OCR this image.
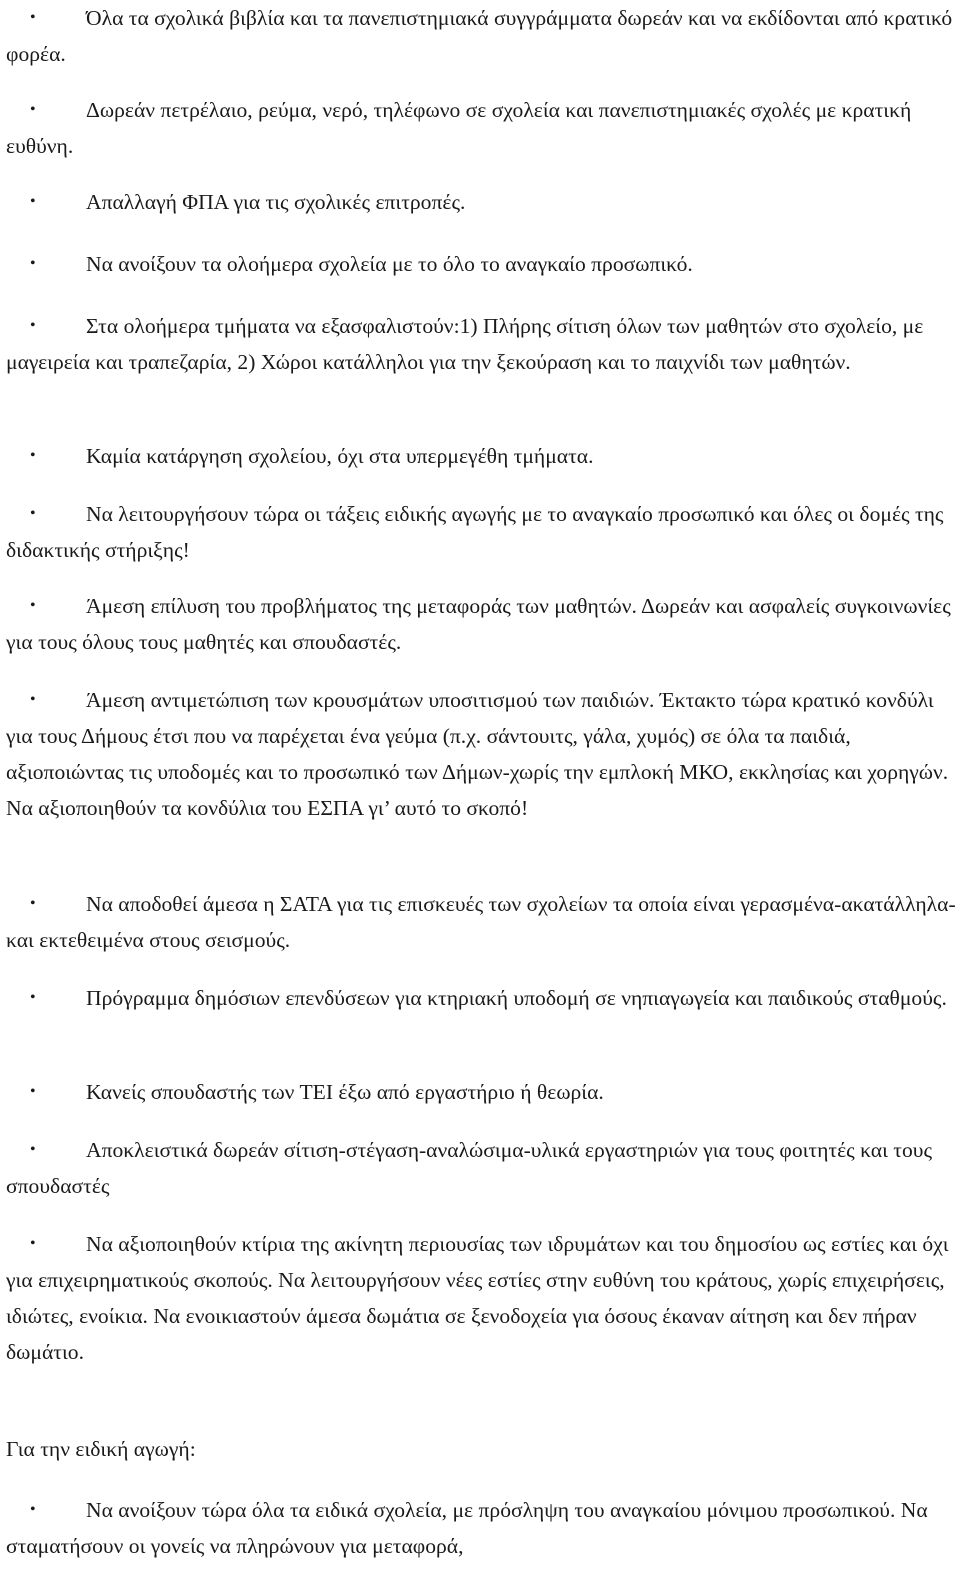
• Όλα τα σχολικά βιβλία και τα πανεπιστημιακά συγγράμματα δωρεάν και να εκδίδονται από κρατικό φορέα.

• Δωρεάν πετρέλαιο, ρεύμα, νερό, τηλέφωνο σε σχολεία και πανεπιστημιακές σχολές με κρατική ευθύνη.

• Απαλλαγή ΦΠΑ για τις σχολικές επιτροπές.

• Να ανοίξουν τα ολοήμερα σχολεία με το όλο το αναγκαίο προσωπικό.

• Στα ολοήμερα τμήματα να εξασφαλιστούν:1) Πλήρης σίτιση όλων των μαθητών στο σχολείο, με μαγειρεία και τραπεζαρία, 2) Χώροι κατάλληλοι για την ξεκούραση και το παιχνίδι των μαθητών.

• Καμία κατάργηση σχολείου, όχι στα υπερμεγέθη τμήματα.

• Να λειτουργήσουν τώρα οι τάξεις ειδικής αγωγής με το αναγκαίο προσωπικό και όλες οι δομές της διδακτικής στήριξης!

• Άμεση επίλυση του προβλήματος της μεταφοράς των μαθητών. Δωρεάν και ασφαλείς συγκοινωνίες για τους όλους τους μαθητές και σπουδαστές.

• Άμεση αντιμετώπιση των κρουσμάτων υποσιτισμού των παιδιών. Έκτακτο τώρα κρατικό κονδύλι για τους Δήμους έτσι που να παρέχεται ένα γεύμα (π.χ. σάντουιτς, γάλα, χυμός) σε όλα τα παιδιά, αξιοποιώντας τις υποδομές και το προσωπικό των Δήμων-χωρίς την εμπλοκή ΜΚΟ, εκκλησίας και χορηγών. Να αξιοποιηθούν τα κονδύλια του ΕΣΠΑ γι’ αυτό το σκοπό!

• Να αποδοθεί άμεσα η ΣΑΤΑ για τις επισκευές των σχολείων τα οποία είναι γερασμένα-ακατάλληλα-και εκτεθειμένα στους σεισμούς.

• Πρόγραμμα δημόσιων επενδύσεων για κτηριακή υποδομή σε νηπιαγωγεία και παιδικούς σταθμούς.

• Κανείς σπουδαστής των ΤΕΙ έξω από εργαστήριο ή θεωρία.

• Αποκλειστικά δωρεάν σίτιση-στέγαση-αναλώσιμα-υλικά εργαστηριών για τους φοιτητές και τους σπουδαστές

• Να αξιοποιηθούν κτίρια της ακίνητη περιουσίας των ιδρυμάτων και του δημοσίου ως εστίες και όχι για επιχειρηματικούς σκοπούς. Να λειτουργήσουν νέες εστίες στην ευθύνη του κράτους, χωρίς επιχειρήσεις, ιδιώτες, ενοίκια. Να ενοικιαστούν άμεσα δωμάτια σε ξενοδοχεία για όσους έκαναν αίτηση και δεν πήραν δωμάτιο.

Για την ειδική αγωγή:

• Να ανοίξουν τώρα όλα τα ειδικά σχολεία, με πρόσληψη του αναγκαίου μόνιμου προσωπικού. Να σταματήσουν οι γονείς να πληρώνουν για μεταφορά,
